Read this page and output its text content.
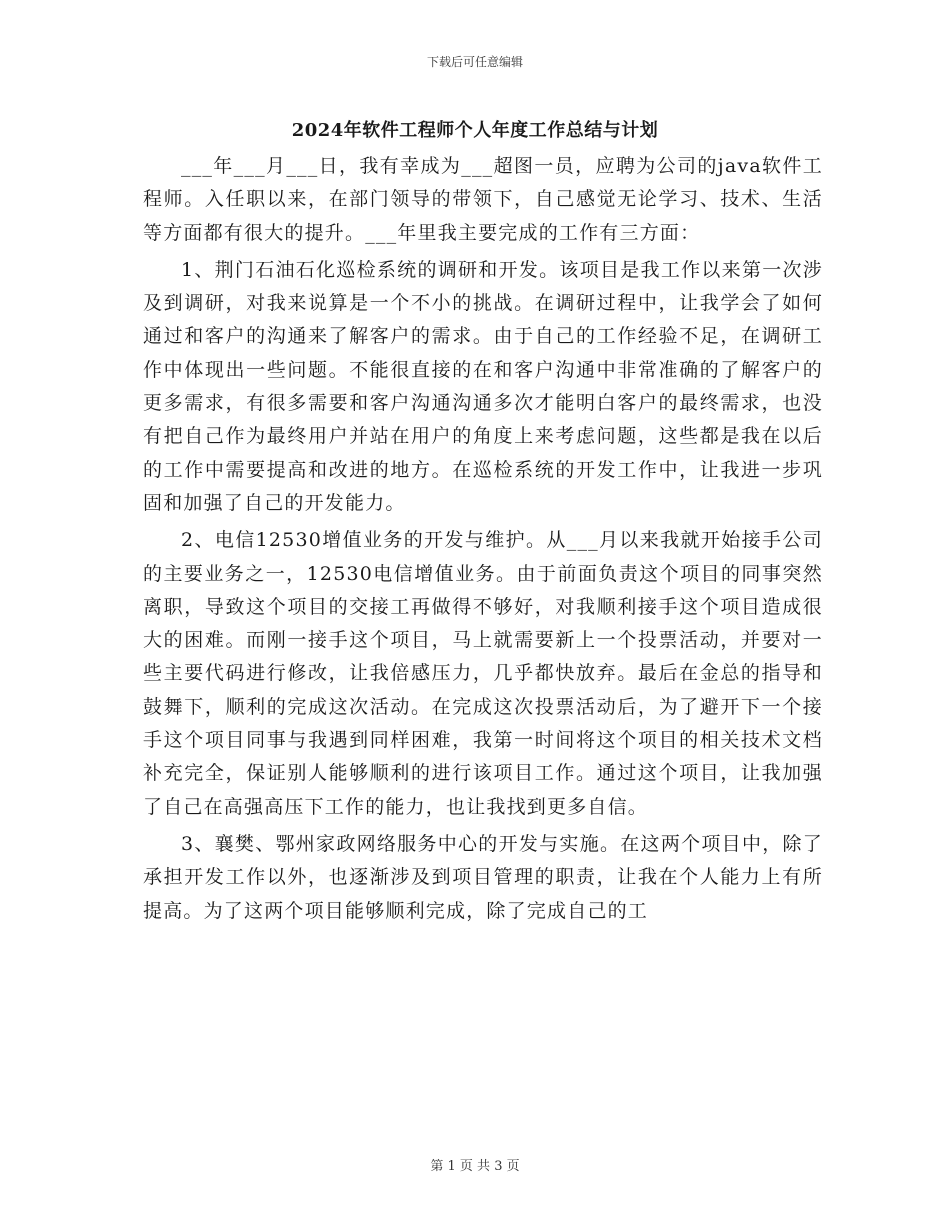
下载后可任意编辑
2024年软件工程师个人年度工作总结与计划

___年___月___日，我有幸成为___超图一员，应聘为公司的java软件工程师。入任职以来，在部门领导的带领下，自己感觉无论学习、技术、生活等方面都有很大的提升。___年里我主要完成的工作有三方面：

1、荆门石油石化巡检系统的调研和开发。该项目是我工作以来第一次涉及到调研，对我来说算是一个不小的挑战。在调研过程中，让我学会了如何通过和客户的沟通来了解客户的需求。由于自己的工作经验不足，在调研工作中体现出一些问题。不能很直接的在和客户沟通中非常准确的了解客户的更多需求，有很多需要和客户沟通沟通多次才能明白客户的最终需求，也没有把自己作为最终用户并站在用户的角度上来考虑问题，这些都是我在以后的工作中需要提高和改进的地方。在巡检系统的开发工作中，让我进一步巩固和加强了自己的开发能力。

2、电信12530增值业务的开发与维护。从___月以来我就开始接手公司的主要业务之一，12530电信增值业务。由于前面负责这个项目的同事突然离职，导致这个项目的交接工再做得不够好，对我顺利接手这个项目造成很大的困难。而刚一接手这个项目，马上就需要新上一个投票活动，并要对一些主要代码进行修改，让我倍感压力，几乎都快放弃。最后在金总的指导和鼓舞下，顺利的完成这次活动。在完成这次投票活动后，为了避开下一个接手这个项目同事与我遇到同样困难，我第一时间将这个项目的相关技术文档补充完全，保证别人能够顺利的进行该项目工作。通过这个项目，让我加强了自己在高强高压下工作的能力，也让我找到更多自信。

3、襄樊、鄂州家政网络服务中心的开发与实施。在这两个项目中，除了承担开发工作以外，也逐渐涉及到项目管理的职责，让我在个人能力上有所提高。为了这两个项目能够顺利完成，除了完成自己的工

第 1 页 共 3 页
